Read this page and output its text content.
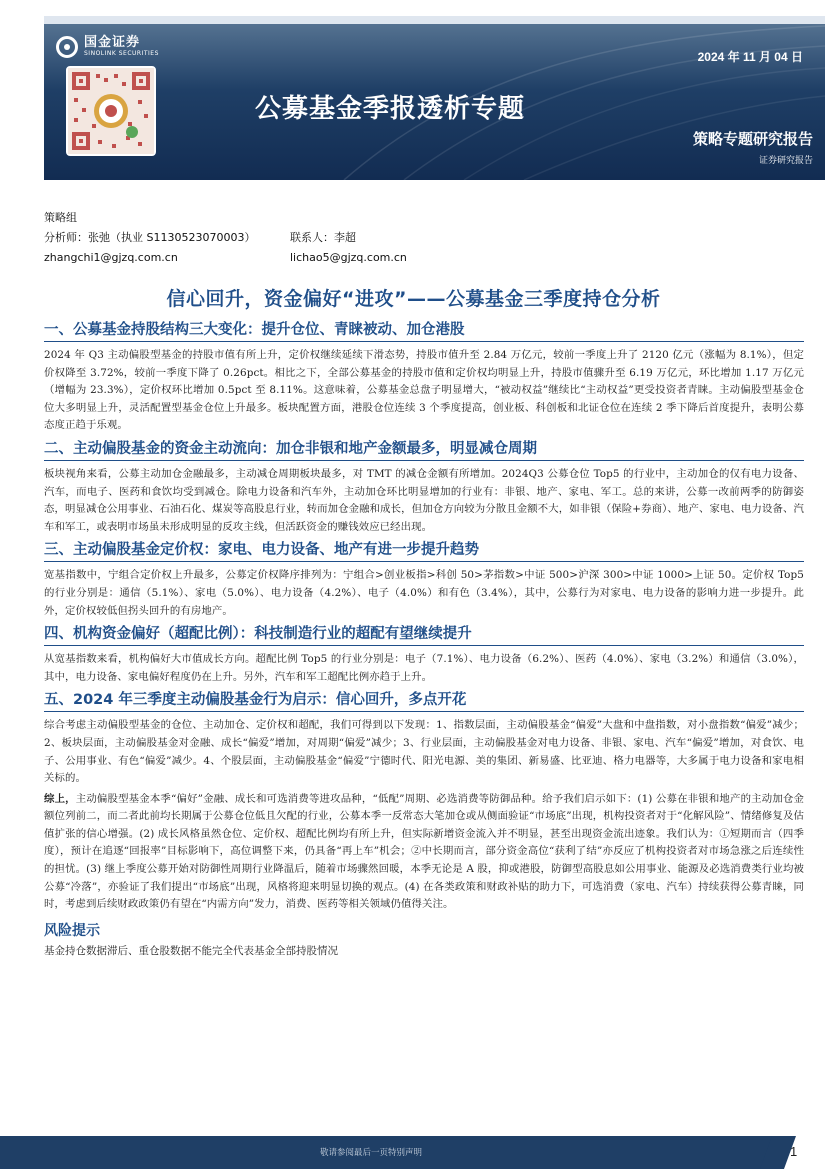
国金证券
SINOLINK SECURITIES	2024 年 11 月 04 日
公募基金季报透析专题
策略专题研究报告
证券研究报告
策略组
分析师：张弛（执业 S1130523070003）	联系人：李超
zhangchi1@gjzq.com.cn	lichao5@gjzq.com.cn
信心回升，资金偏好“进攻”——公募基金三季度持仓分析
一、公募基金持股结构三大变化：提升仓位、青睐被动、加仓港股
2024 年 Q3 主动偏股型基金的持股市值有所上升，定价权继续延续下滑态势，持股市值升至 2.84 万亿元，较前一季度上升了 2120 亿元（涨幅为 8.1%），但定价权降至 3.72%，较前一季度下降了 0.26pct。相比之下，全部公募基金的持股市值和定价权均明显上升，持股市值骤升至 6.19 万亿元，环比增加 1.17 万亿元（增幅为 23.3%），定价权环比增加 0.5pct 至 8.11%。这意味着，公募基金总盘子明显增大，“被动权益”继续比“主动权益”更受投资者青睐。主动偏股型基金仓位大多明显上升，灵活配置型基金仓位上升最多。板块配置方面，港股仓位连续 3 个季度提高，创业板、科创板和北证仓位在连续 2 季下降后首度提升，表明公募态度正趋于乐观。
二、主动偏股基金的资金主动流向：加仓非银和地产金额最多，明显减仓周期
板块视角来看，公募主动加仓金融最多，主动减仓周期板块最多，对 TMT 的减仓金额有所增加。2024Q3 公募仓位 Top5 的行业中，主动加仓的仅有电力设备、汽车，而电子、医药和食饮均受到减仓。除电力设备和汽车外，主动加仓环比明显增加的行业有：非银、地产、家电、军工。总的来讲，公募一改前两季的防御姿态，明显减仓公用事业、石油石化、煤炭等高股息行业，转而加仓金融和成长，但加仓方向较为分散且金额不大，如非银（保险+券商）、地产、家电、电力设备、汽车和军工，或表明市场虽未形成明显的反攻主线，但活跃资金的赚钱效应已经出现。
三、主动偏股基金定价权：家电、电力设备、地产有进一步提升趋势
宽基指数中，宁组合定价权上升最多，公募定价权降序排列为：宁组合>创业板指>科创 50>茅指数>中证 500>沪深 300>中证 1000>上证 50。定价权 Top5 的行业分别是：通信（5.1%）、家电（5.0%）、电力设备（4.2%）、电子（4.0%）和有色（3.4%），其中，公募行为对家电、电力设备的影响力进一步提升。此外，定价权较低但拐头回升的有房地产。
四、机构资金偏好（超配比例）：科技制造行业的超配有望继续提升
从宽基指数来看，机构偏好大市值成长方向。超配比例 Top5 的行业分别是：电子（7.1%）、电力设备（6.2%）、医药（4.0%）、家电（3.2%）和通信（3.0%），其中，电力设备、家电偏好程度仍在上升。另外，汽车和军工超配比例亦趋于上升。
五、2024 年三季度主动偏股基金行为启示：信心回升，多点开花
综合考虑主动偏股型基金的仓位、主动加仓、定价权和超配，我们可得到以下发现：1、指数层面，主动偏股基金“偏爱”大盘和中盘指数，对小盘指数“偏爱”减少；2、板块层面，主动偏股基金对金融、成长“偏爱”增加，对周期“偏爱”减少；3、行业层面，主动偏股基金对电力设备、非银、家电、汽车“偏爱”增加，对食饮、电子、公用事业、有色“偏爱”减少。4、个股层面，主动偏股基金“偏爱”宁德时代、阳光电源、美的集团、新易盛、比亚迪、格力电器等，大多属于电力设备和家电相关标的。
综上，主动偏股型基金本季“偏好”金融、成长和可选消费等进攻品种，“低配”周期、必选消费等防御品种。给予我们启示如下：(1) 公募在非银和地产的主动加仓金额位列前二，而二者此前均长期属于公募仓位低且欠配的行业，公募本季一反常态大笔加仓或从侧面验证“市场底”出现，机构投资者对于“化解风险”、情绪修复及估值扩张的信心增强。(2) 成长风格虽然仓位、定价权、超配比例均有所上升，但实际新增资金流入并不明显，甚至出现资金流出迹象。我们认为：①短期而言（四季度），预计在追逐“回报率”目标影响下，高位调整下来，仍具备“再上车”机会；②中长期而言，部分资金高位“获利了结”亦反应了机构投资者对市场急涨之后连续性的担忧。(3) 继上季度公募开始对防御性周期行业降温后，随着市场骤然回暖，本季无论是 A 股，抑或港股，防御型高股息如公用事业、能源及必选消费类行业均被公募“冷落”，亦验证了我们提出“市场底”出现，风格将迎来明显切换的观点。(4) 在各类政策和财政补贴的助力下，可选消费（家电、汽车）持续获得公募青睐，同时，考虑到后续财政政策仍有望在“内需方向”发力，消费、医药等相关领域仍值得关注。
风险提示
基金持仓数据滞后、重仓股数据不能完全代表基金全部持股情况
敬请参阅最后一页特别声明	1
